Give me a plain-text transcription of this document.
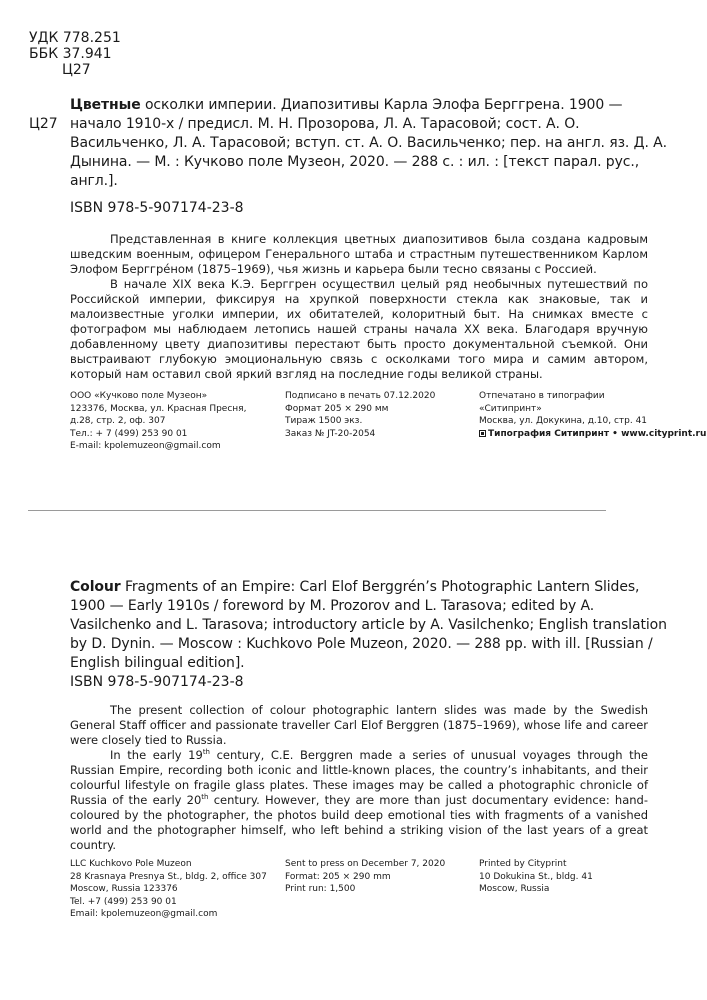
УДК 778.251
ББК 37.941
Ц27
Ц27
Цветные осколки империи. Диапозитивы Карла Элофа Берггрена. 1900 — начало 1910-х / предисл. М. Н. Прозорова, Л. А. Тарасовой; сост. А. О. Васильченко, Л. А. Тарасовой; вступ. ст. А. О. Васильченко; пер. на англ. яз. Д. А. Дынина. — М. : Кучково поле Музеон, 2020. — 288 с. : ил. : [текст парал. рус., англ.].
ISBN 978-5-907174-23-8

Представленная в книге коллекция цветных диапозитивов была создана кадровым шведским военным, офицером Генерального штаба и страстным путешественником Карлом Элофом Берггрéном (1875–1969), чья жизнь и карьера были тесно связаны с Россией.

В начале XIX века К.Э. Берггрен осуществил целый ряд необычных путешествий по Российской империи, фиксируя на хрупкой поверхности стекла как знаковые, так и малоизвестные уголки империи, их обитателей, колоритный быт. На снимках вместе с фотографом мы наблюдаем летопись нашей страны начала XX века. Благодаря вручную добавленному цвету диапозитивы перестают быть просто документальной съемкой. Они выстраивают глубокую эмоциональную связь с осколками того мира и самим автором, который нам оставил свой яркий взгляд на последние годы великой страны.

ООО «Кучково поле Музеон»
123376, Москва, ул. Красная Пресня,
д.28, стр. 2, оф. 307
Тел.: + 7 (499) 253 90 01
E-mail: kpolemuzeon@gmail.com
Подписано в печать 07.12.2020
Формат 205 × 290 мм
Тираж 1500 экз.
Заказ № JT-20-2054
Отпечатано в типографии
«Ситипринт»
Москва, ул. Докукина, д.10, стр. 41
Типография Ситипринт • www.cityprint.ru
Colour Fragments of an Empire: Carl Elof Berggrén’s Photographic Lantern Slides, 1900 — Early 1910s / foreword by M. Prozorov and L. Tarasova; edited by A. Vasilchenko and L. Tarasova; introductory article by A. Vasilchenko; English translation by D. Dynin. — Moscow : Kuchkovo Pole Muzeon, 2020. — 288 pp. with ill. [Russian / English bilingual edition].
ISBN 978-5-907174-23-8

The present collection of colour photographic lantern slides was made by the Swedish General Staff officer and passionate traveller Carl Elof Berggren (1875–1969), whose life and career were closely tied to Russia.

In the early 19th century, C.E. Berggren made a series of unusual voyages through the Russian Empire, recording both iconic and little-known places, the country’s inhabitants, and their colourful lifestyle on fragile glass plates. These images may be called a photographic chronicle of Russia of the early 20th century. However, they are more than just documentary evidence: hand-coloured by the photographer, the photos build deep emotional ties with fragments of a vanished world and the photographer himself, who left behind a striking vision of the last years of a great country.

LLC Kuchkovo Pole Muzeon
28 Krasnaya Presnya St., bldg. 2, office 307
Moscow, Russia 123376
Tel. +7 (499) 253 90 01
Email: kpolemuzeon@gmail.com
Sent to press on December 7, 2020
Format: 205 × 290 mm
Print run: 1,500
Printed by Cityprint
10 Dokukina St., bldg. 41
Moscow, Russia
